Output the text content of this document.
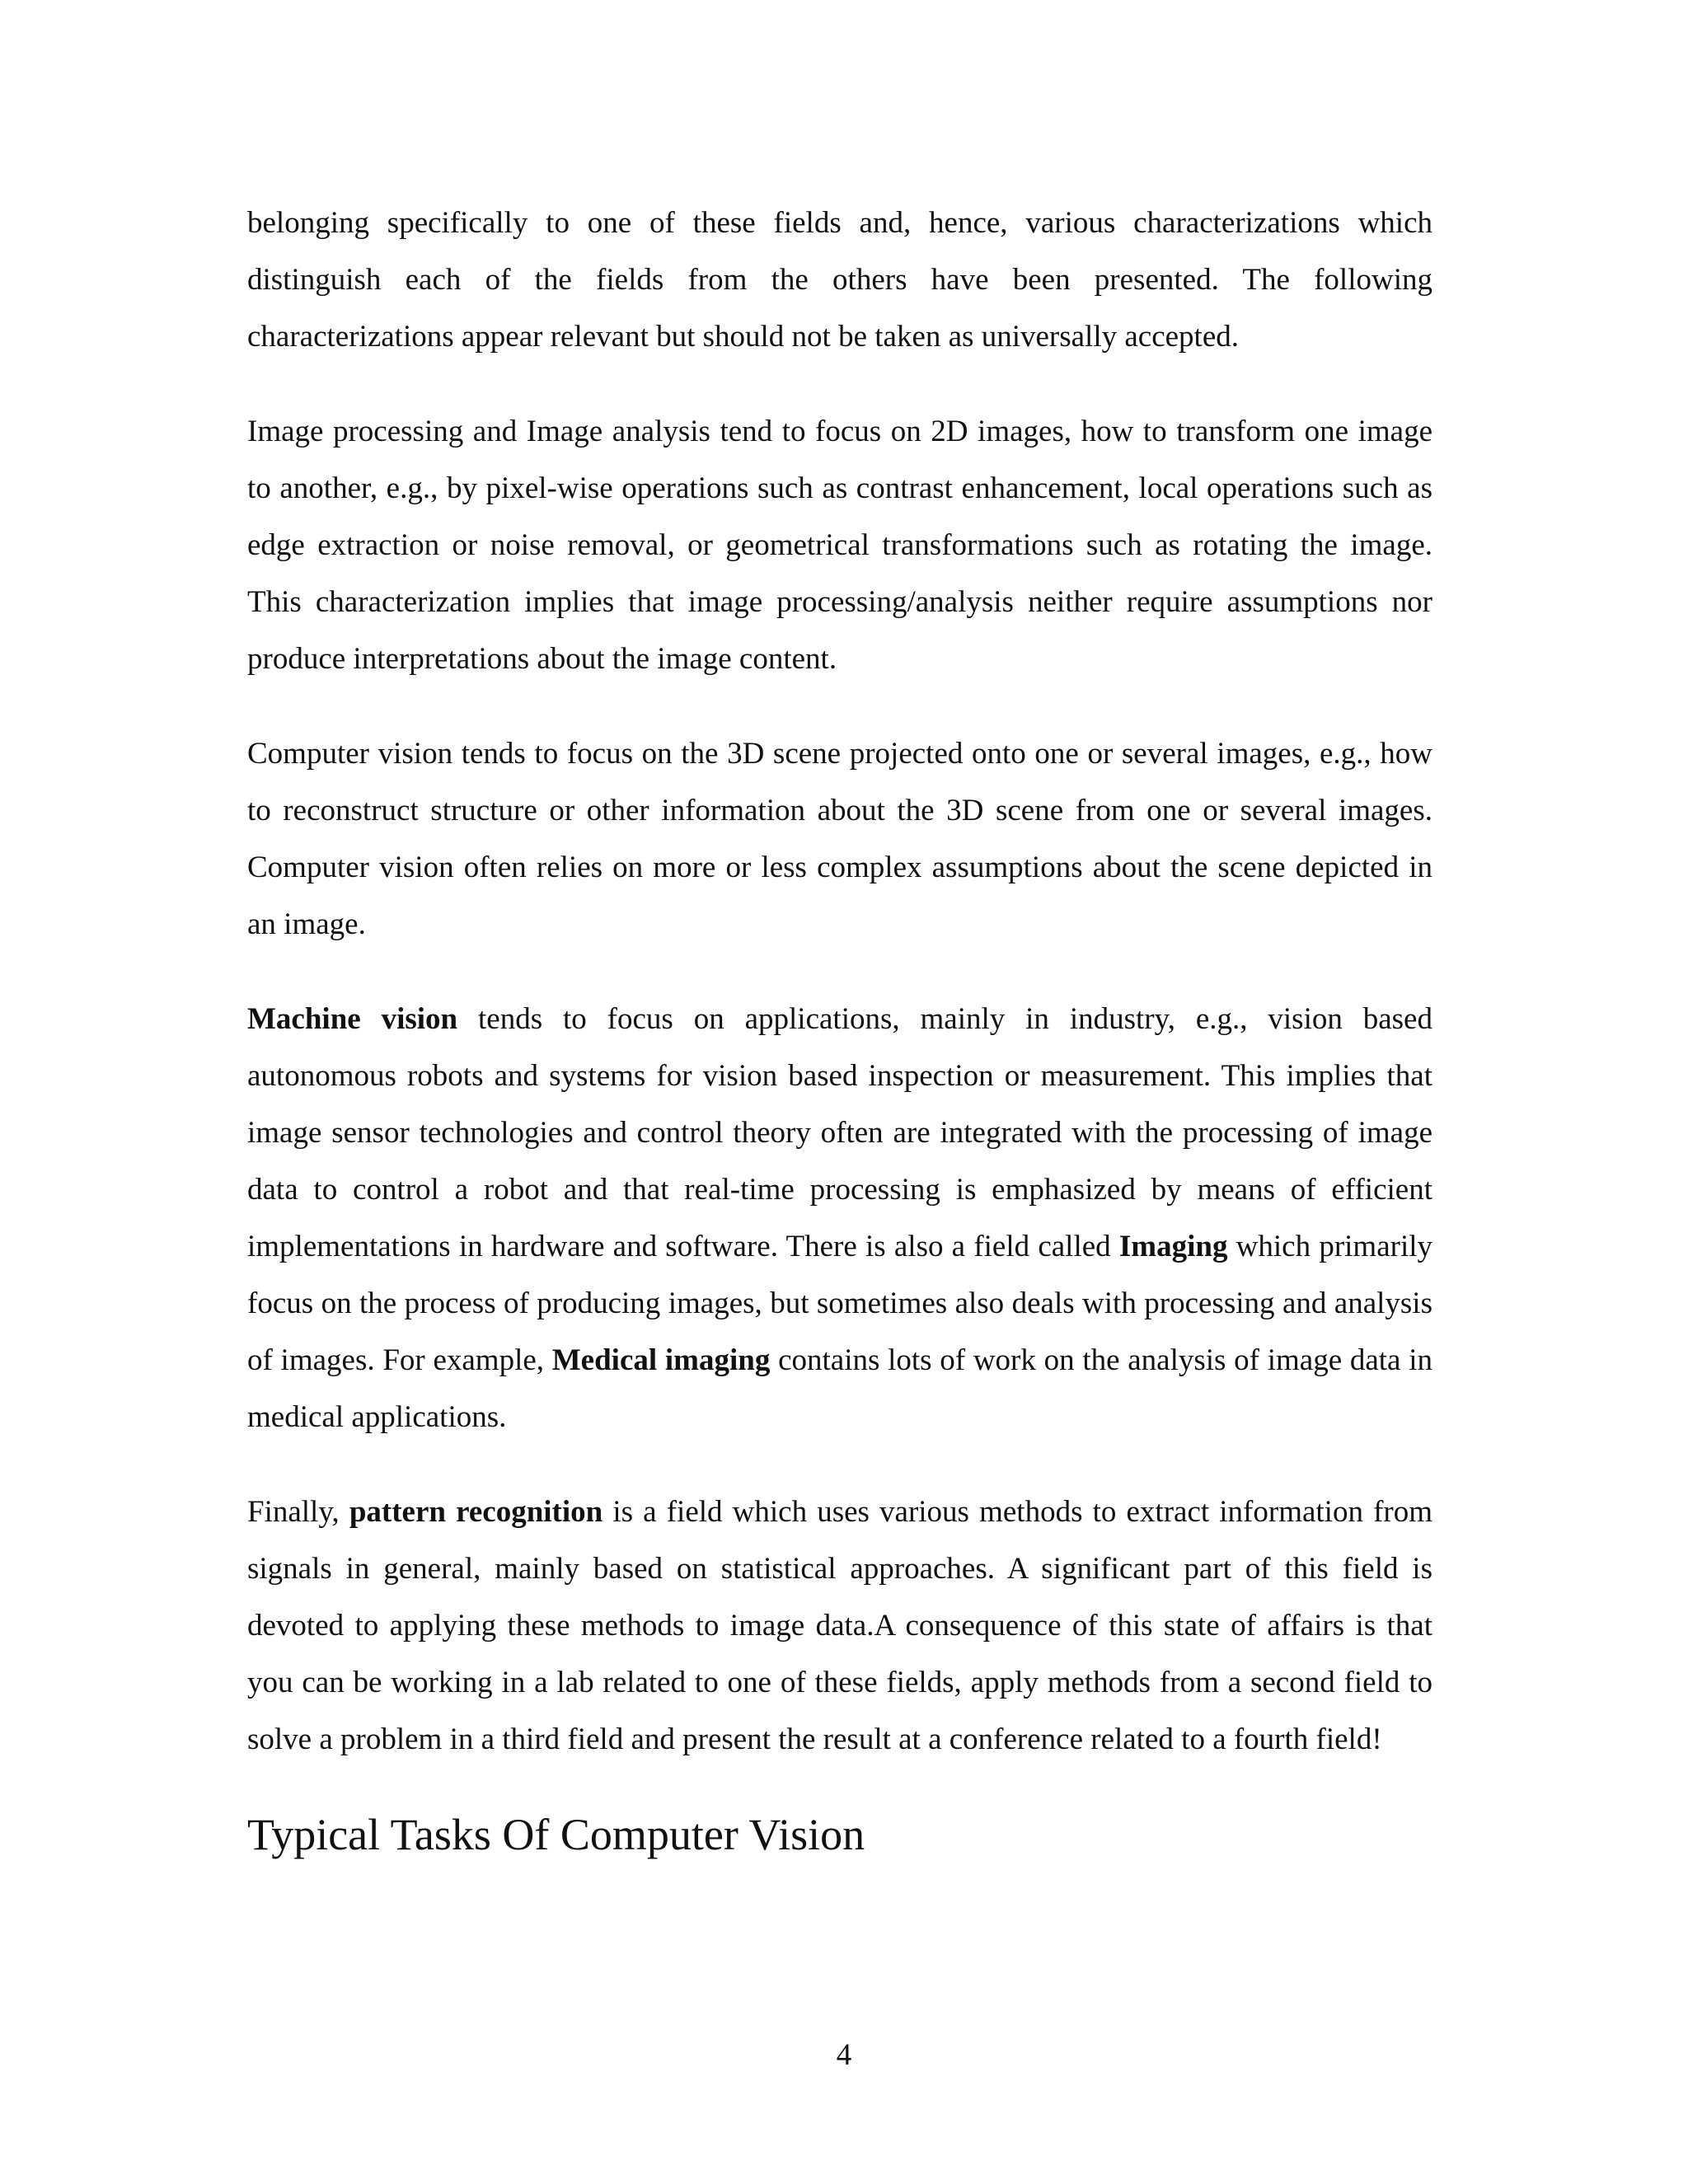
belonging specifically to one of these fields and, hence, various characterizations which distinguish each of the fields from the others have been presented. The following characterizations appear relevant but should not be taken as universally accepted.

Image processing and Image analysis tend to focus on 2D images, how to transform one image to another, e.g., by pixel-wise operations such as contrast enhancement, local operations such as edge extraction or noise removal, or geometrical transformations such as rotating the image. This characterization implies that image processing/analysis neither require assumptions nor produce interpretations about the image content.

Computer vision tends to focus on the 3D scene projected onto one or several images, e.g., how to reconstruct structure or other information about the 3D scene from one or several images. Computer vision often relies on more or less complex assumptions about the scene depicted in an image.

Machine vision tends to focus on applications, mainly in industry, e.g., vision based autonomous robots and systems for vision based inspection or measurement. This implies that image sensor technologies and control theory often are integrated with the processing of image data to control a robot and that real-time processing is emphasized by means of efficient implementations in hardware and software. There is also a field called Imaging which primarily focus on the process of producing images, but sometimes also deals with processing and analysis of images. For example, Medical imaging contains lots of work on the analysis of image data in medical applications.

Finally, pattern recognition is a field which uses various methods to extract information from signals in general, mainly based on statistical approaches. A significant part of this field is devoted to applying these methods to image data.A consequence of this state of affairs is that you can be working in a lab related to one of these fields, apply methods from a second field to solve a problem in a third field and present the result at a conference related to a fourth field!

Typical Tasks Of Computer Vision
4
